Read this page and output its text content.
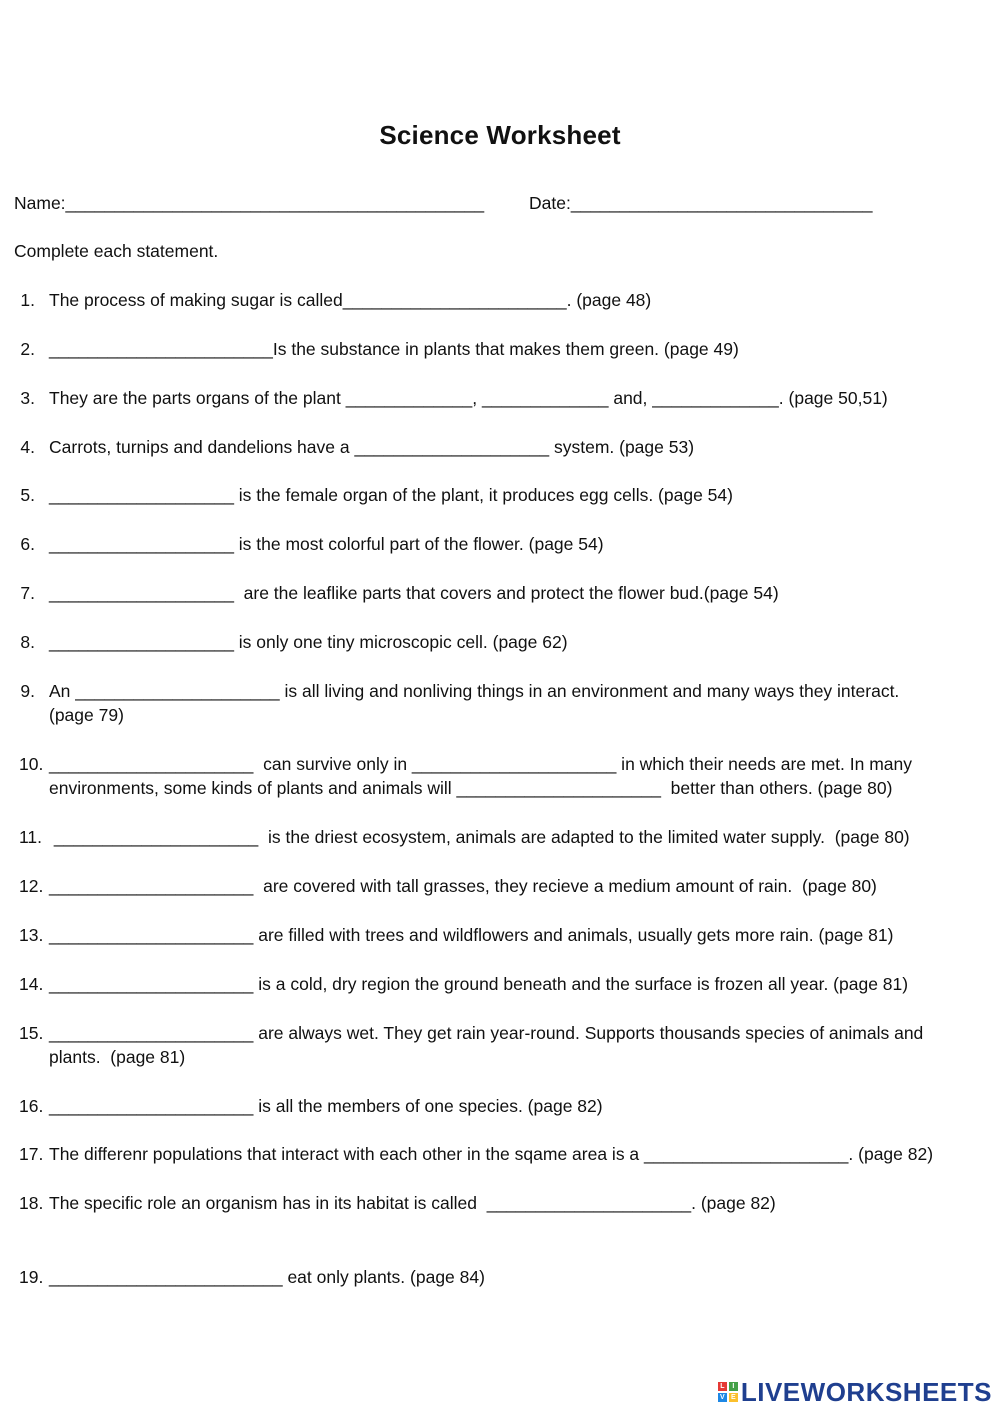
Science Worksheet
Name:___________________________________________	Date:_______________________________
Complete each statement.
1. The process of making sugar is called_______________________. (page 48)
2. _______________________Is the substance in plants that makes them green. (page 49)
3. They are the parts organs of the plant _____________, _____________ and, _____________. (page 50,51)
4. Carrots, turnips and dandelions have a ____________________ system. (page 53)
5. ___________________ is the female organ of the plant, it produces egg cells. (page 54)
6. ___________________ is the most colorful part of the flower. (page 54)
7. ___________________  are the leaflike parts that covers and protect the flower bud.(page 54)
8. ___________________ is only one tiny microscopic cell. (page 62)
9. An _____________________ is all living and nonliving things in an environment and many ways they interact.
(page 79)
10. _____________________  can survive only in _____________________ in which their needs are met. In many
environments, some kinds of plants and animals will _____________________  better than others. (page 80)
11. _____________________  is the driest ecosystem, animals are adapted to the limited water supply.  (page 80)
12. _____________________  are covered with tall grasses, they recieve a medium amount of rain.  (page 80)
13. _____________________ are filled with trees and wildflowers and animals, usually gets more rain. (page 81)
14. _____________________ is a cold, dry region the ground beneath and the surface is frozen all year. (page 81)
15. _____________________ are always wet. They get rain year-round. Supports thousands species of animals and
plants.  (page 81)
16. _____________________ is all the members of one species. (page 82)
17. The differenr populations that interact with each other in the sqame area is a _____________________. (page 82)
18. The specific role an organism has in its habitat is called  _____________________. (page 82)
19. ________________________ eat only plants. (page 84)
L	I
V E LIVEWORKSHEETS
